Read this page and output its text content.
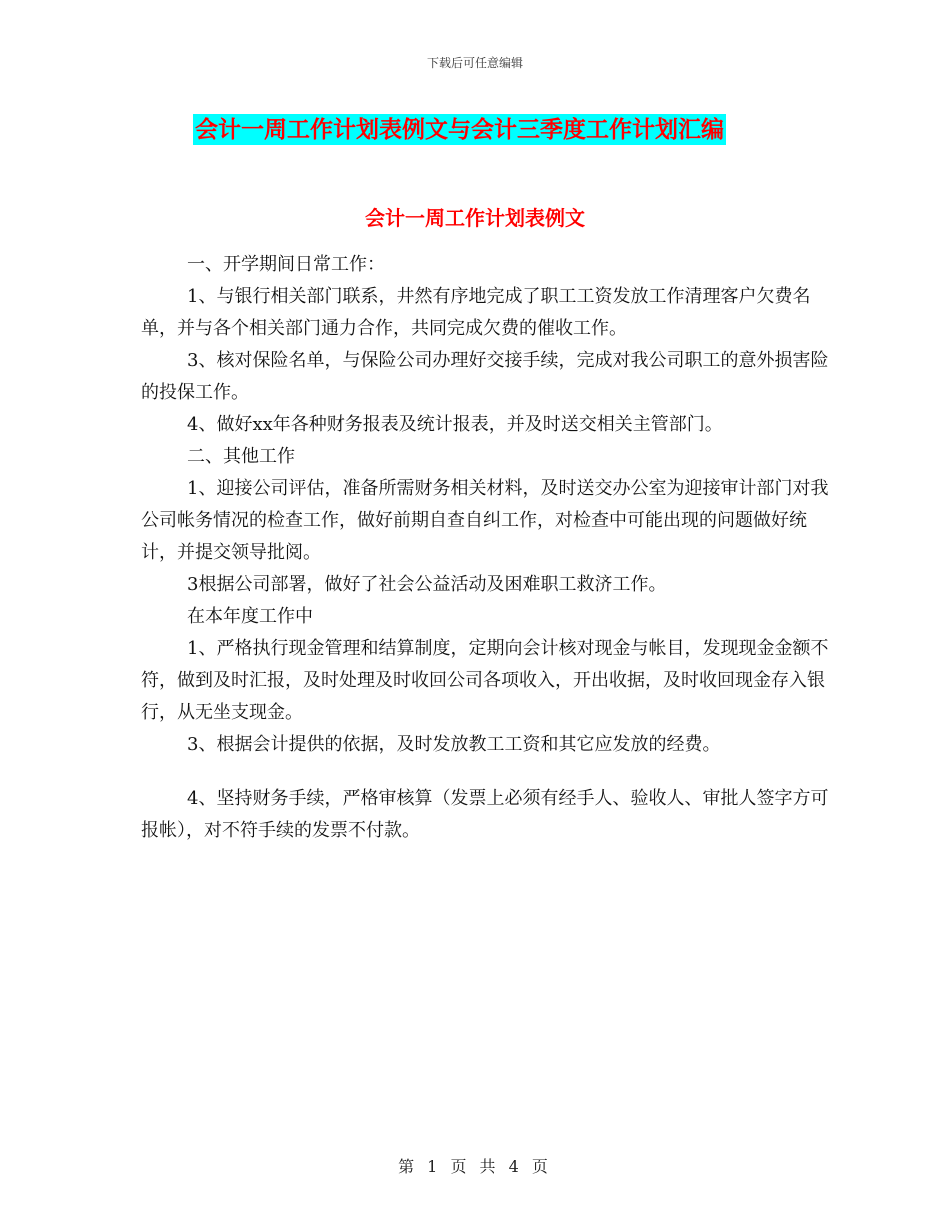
下载后可任意编辑
会计一周工作计划表例文与会计三季度工作计划汇编
会计一周工作计划表例文

一、开学期间日常工作：

1、与银行相关部门联系，井然有序地完成了职工工资发放工作清理客户欠费名单，并与各个相关部门通力合作，共同完成欠费的催收工作。

3、核对保险名单，与保险公司办理好交接手续，完成对我公司职工的意外损害险的投保工作。

4、做好xx年各种财务报表及统计报表，并及时送交相关主管部门。

二、其他工作

1、迎接公司评估，准备所需财务相关材料，及时送交办公室为迎接审计部门对我公司帐务情况的检查工作，做好前期自查自纠工作，对检查中可能出现的问题做好统计，并提交领导批阅。

3根据公司部署，做好了社会公益活动及困难职工救济工作。

在本年度工作中

1、严格执行现金管理和结算制度，定期向会计核对现金与帐目，发现现金金额不符，做到及时汇报，及时处理及时收回公司各项收入，开出收据，及时收回现金存入银行，从无坐支现金。

3、根据会计提供的依据，及时发放教工工资和其它应发放的经费。

4、坚持财务手续，严格审核算（发票上必须有经手人、验收人、审批人签字方可报帐），对不符手续的发票不付款。

第 1 页 共 4 页
